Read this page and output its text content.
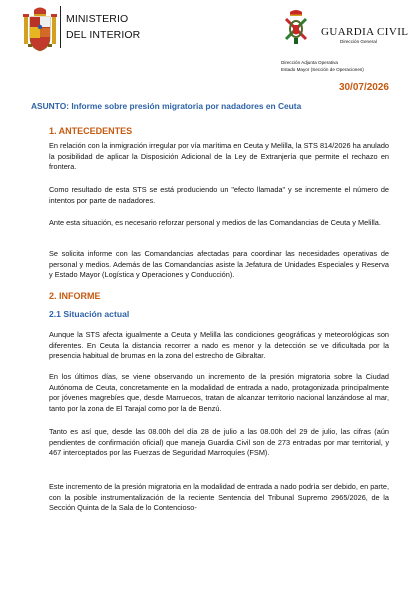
MINISTERIO
DEL INTERIOR	GUARDIA CIVIL
Dirección General
Dirección Adjunta Operativa
Estado Mayor (Sección de Operaciones)
30/07/2026
ASUNTO: Informe sobre presión migratoria por nadadores en Ceuta
1. ANTECEDENTES
En relación con la inmigración irregular por vía marítima en Ceuta y Melilla, la STS 814/2026 ha anulado la posibilidad de aplicar la Disposición Adicional de la Ley de Extranjería que permite el rechazo en frontera.
Como resultado de esta STS se está produciendo un "efecto llamada" y se incremente el número de intentos por parte de nadadores.
Ante esta situación, es necesario reforzar personal y medios de las Comandancias de Ceuta y Melilla.
Se solicita informe con las Comandancias afectadas para coordinar las necesidades operativas de personal y medios. Además de las Comandancias asiste la Jefatura de Unidades Especiales y Reserva y Estado Mayor (Logística y Operaciones y Conducción).
2. INFORME
2.1 Situación actual
Aunque la STS afecta igualmente a Ceuta y Melilla las condiciones geográficas y meteorológicas son diferentes. En Ceuta la distancia recorrer a nado es menor y la detección se ve dificultada por la presencia habitual de brumas en la zona del estrecho de Gibraltar.
En los últimos días, se viene observando un incremento de la presión migratoria sobre la Ciudad Autónoma de Ceuta, concretamente en la modalidad de entrada a nado, protagonizada principalmente por jóvenes magrebíes que, desde Marruecos, tratan de alcanzar territorio nacional lanzándose al mar, tanto por la zona de El Tarajal como por la de Benzú.
Tanto es así que, desde las 08.00h del día 28 de julio a las 08.00h del 29 de julio, las cifras (aún pendientes de confirmación oficial) que maneja Guardia Civil son de 273 entradas por mar territorial, y 467 interceptados por las Fuerzas de Seguridad Marroquíes (FSM).
Este incremento de la presión migratoria en la modalidad de entrada a nado podría ser debido, en parte, con la posible instrumentalización de la reciente Sentencia del Tribunal Supremo 2965/2026, de la Sección Quinta de la Sala de lo Contencioso-
